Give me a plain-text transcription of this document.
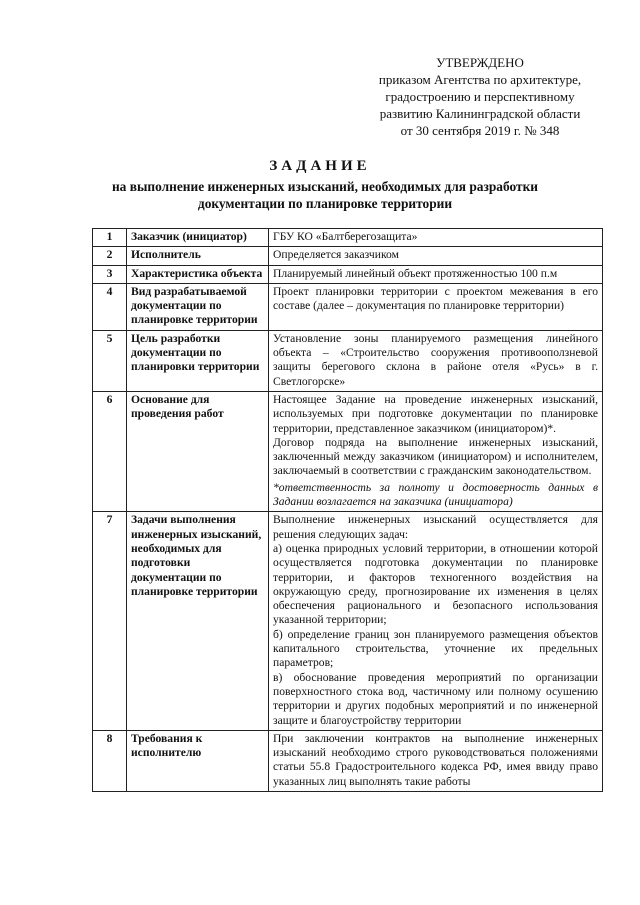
УТВЕРЖДЕНО
приказом Агентства по архитектуре,
градостроению и перспективному
развитию Калининградской области
от 30 сентября 2019 г. № 348
ЗАДАНИЕ
на выполнение инженерных изысканий, необходимых для разработки
документации по планировке территории
1	Заказчик (инициатор)	ГБУ КО «Балтберегозащита»

2	Исполнитель	Определяется заказчиком

3	Характеристика объекта	Планируемый линейный объект протяженностью 100 п.м

4	Вид разрабатываемой документации по планировке территории	Проект планировки территории с проектом межевания в его составе (далее – документация по планировке территории)

5	Цель разработки документации по планировки территории	Установление зоны планируемого размещения линейного объекта – «Строительство сооружения противооползневой защиты берегового склона в районе отеля «Русь» в г. Светлогорске»

6	Основание для проведения работ	Настоящее Задание на проведение инженерных изысканий, используемых при подготовке документации по планировке территории, представленное заказчиком (инициатором)*.

Договор подряда на выполнение инженерных изысканий, заключенный между заказчиком (инициатором) и исполнителем, заключаемый в соответствии с гражданским законодательством.

*ответственность за полноту и достоверность данных в Задании возлагается на заказчика (инициатора)

7	Задачи выполнения инженерных изысканий, необходимых для подготовки документации по планировке территории	Выполнение инженерных изысканий осуществляется для решения следующих задач:

а) оценка природных условий территории, в отношении которой осуществляется подготовка документации по планировке территории, и факторов техногенного воздействия на окружающую среду, прогнозирование их изменения в целях обеспечения рационального и безопасного использования указанной территории;

б) определение границ зон планируемого размещения объектов капитального строительства, уточнение их предельных параметров;

в) обоснование проведения мероприятий по организации поверхностного стока вод, частичному или полному осушению территории и других подобных мероприятий и по инженерной защите и благоустройству территории

8	Требования к исполнителю	При заключении контрактов на выполнение инженерных изысканий необходимо строго руководствоваться положениями статьи 55.8 Градостроительного кодекса РФ, имея ввиду право указанных лиц выполнять такие работы
